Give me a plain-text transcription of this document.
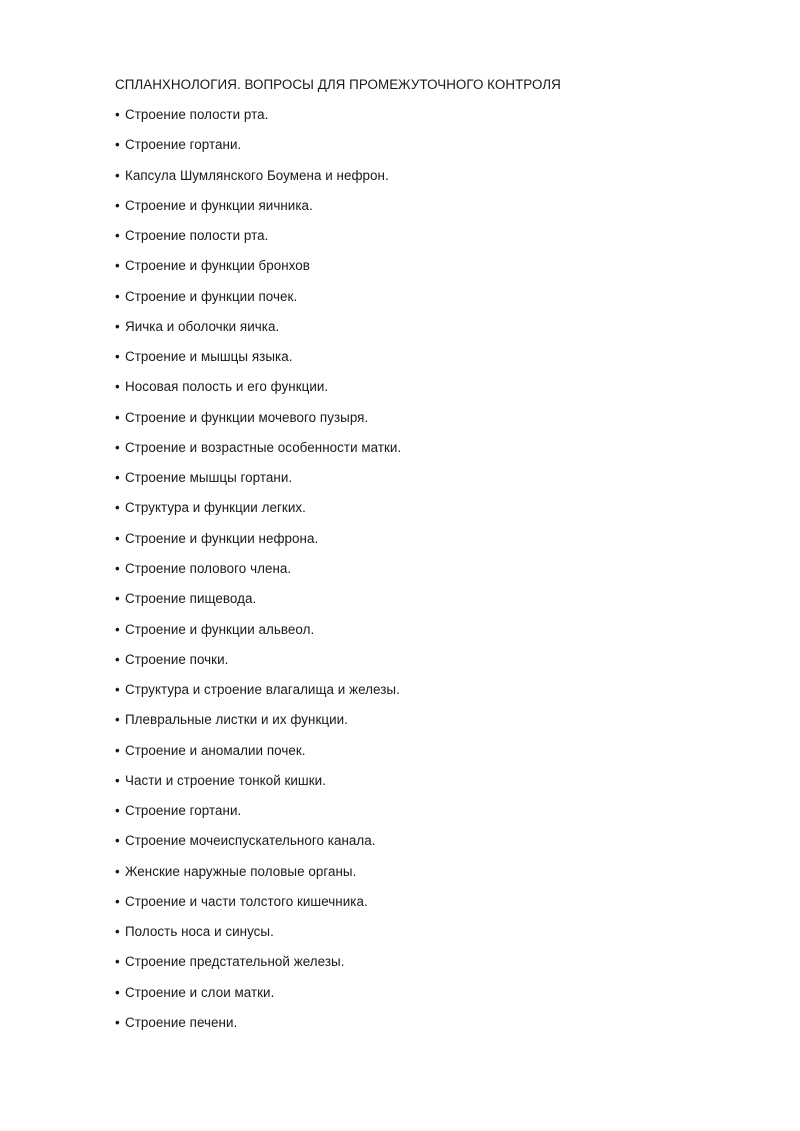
СПЛАНХНОЛОГИЯ. ВОПРОСЫ ДЛЯ ПРОМЕЖУТОЧНОГО КОНТРОЛЯ
• Строение полости рта.
• Строение гортани.
• Капсула Шумлянского Боумена и нефрон.
• Строение и функции яичника.
• Строение полости рта.
• Строение и функции бронхов
• Строение и функции почек.
• Яичка и оболочки яичка.
• Строение и мышцы языка.
• Носовая полость и его функции.
• Строение и функции мочевого пузыря.
• Строение и возрастные особенности матки.
• Строение мышцы гортани.
• Структура и функции легких.
• Строение и функции нефрона.
• Строение полового члена.
• Строение пищевода.
• Строение и функции альвеол.
• Строение почки.
• Структура и строение влагалища и железы.
• Плевральные листки и их функции.
• Строение и аномалии почек.
• Части и строение тонкой кишки.
• Строение гортани.
• Строение мочеиспускательного канала.
• Женские наружные половые органы.
• Строение и части толстого кишечника.
• Полость носа и синусы.
• Строение предстательной железы.
• Строение и слои матки.
• Строение печени.
